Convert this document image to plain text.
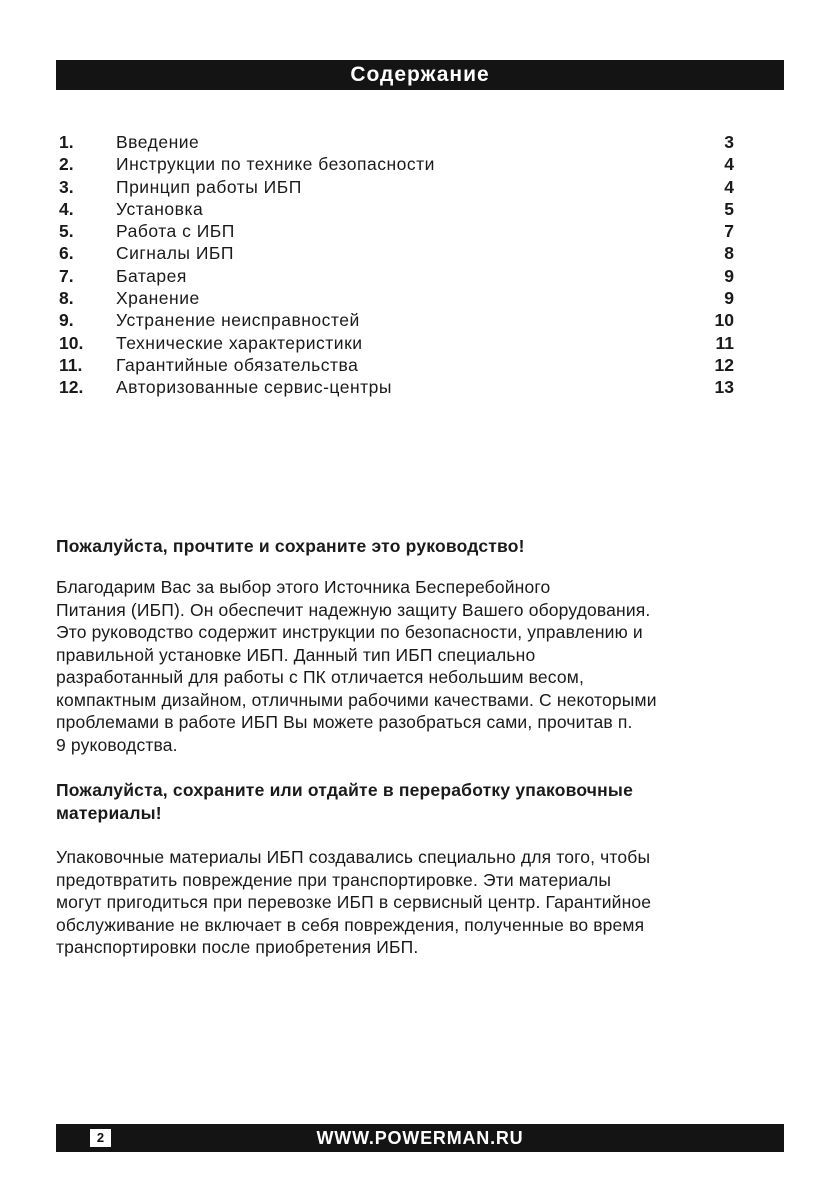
Содержание
1. Введение	3
2. Инструкции по технике безопасности	4
3. Принцип работы ИБП	4
4. Установка	5
5. Работа с ИБП	7
6. Сигналы ИБП	8
7. Батарея	9
8. Хранение	9
9. Устранение неисправностей	10
10. Технические характеристики	11
11. Гарантийные обязательства	12
12. Авторизованные сервис-центры	13

Пожалуйста, прочтите и сохраните это руководство!

Благодарим Вас за выбор этого Источника Бесперебойного
Питания (ИБП). Он обеспечит надежную защиту Вашего оборудования.
Это руководство содержит инструкции по безопасности, управлению и
правильной установке ИБП. Данный тип ИБП специально
разработанный для работы с ПК отличается небольшим весом,
компактным дизайном, отличными рабочими качествами. С некоторыми
проблемами в работе ИБП Вы можете разобраться сами, прочитав п.
9 руководства.

Пожалуйста, сохраните или отдайте в переработку упаковочные
материалы!

Упаковочные материалы ИБП создавались специально для того, чтобы
предотвратить повреждение при транспортировке. Эти материалы
могут пригодиться при перевозке ИБП в сервисный центр. Гарантийное
обслуживание не включает в себя повреждения, полученные во время
транспортировки после приобретения ИБП.

2	WWW.POWERMAN.RU
